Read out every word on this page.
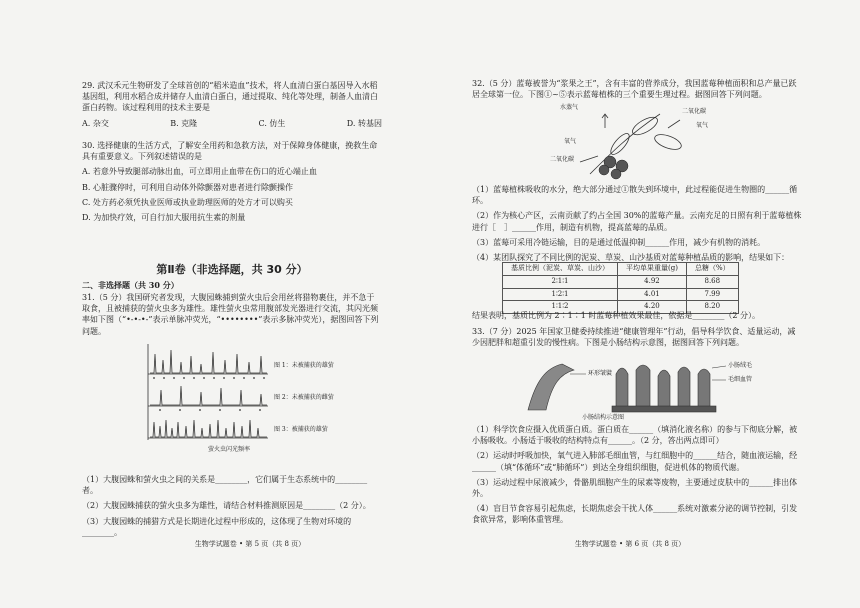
29. 武汉禾元生物研发了全球首创的“稻米造血”技术，将人血清白蛋白基因导入水稻基因组，利用水稻合成并储存人血清白蛋白，通过提取、纯化等处理，制备人血清白蛋白药物。该过程利用的技术主要是

A. 杂交	B. 克隆	C. 仿生	D. 转基因

30. 选择健康的生活方式，了解安全用药和急救方法，对于保障身体健康，挽救生命具有重要意义。下列叙述错误的是

A. 若意外导致腿部动脉出血，可立即用止血带在伤口的近心端止血

B. 心脏骤停时，可利用自动体外除颤器对患者进行除颤操作

C. 处方药必须凭执业医师或执业助理医师的处方才可以购买

D. 为加快疗效，可自行加大服用抗生素的剂量

第Ⅱ卷（非选择题，共 30 分）
二、非选择题（共 30 分）
31.（5 分）我国研究者发现，大腹园蛛捕到萤火虫后会用丝将猎物裹住，并不急于取食，且被捕获的萤火虫多为雄性。雄性萤火虫常用腹部发光器进行交流，其闪光频率如下图（“•-•-•-”表示单脉冲荧光，“••••••••”表示多脉冲荧光），据图回答下列问题。
图 1：未被捕获的雄萤
图 2：未被捕获的雌萤
图 3：被捕获的雄萤
萤火虫闪光频率

（1）大腹园蛛和萤火虫之间的关系是________，它们属于生态系统中的________者。

（2）大腹园蛛捕获的萤火虫多为雄性，请结合材料推测原因是________（2 分）。

（3）大腹园蛛的捕猎方式是长期进化过程中形成的，这体现了生物对环境的________。

生物学试题卷 • 第 5 页（共 8 页）
32.（5 分）蓝莓被誉为“浆果之王”，含有丰富的营养成分，我国蓝莓种植面积和总产量已跃居全球第一位。下图①~⑤表示蓝莓植株的三个重要生理过程。据图回答下列问题。
水蒸气
二氧化碳
氧气
氧气
二氧化碳

（1）蓝莓植株吸收的水分，绝大部分通过①散失到环境中，此过程能促进生物圈的______循环。

（2）作为核心产区，云南贡献了约占全国 30%的蓝莓产量。云南充足的日照有利于蓝莓植株进行［　］______作用，制造有机物，提高蓝莓的品质。

（3）蓝莓可采用冷链运输，目的是通过低温抑制______作用，减少有机物的消耗。

（4）某团队探究了不同比例的泥炭、草炭、山沙基质对蓝莓种植品质的影响，结果如下：

基质比例（泥炭、草炭、山沙）	平均单果重量(g)	总糖（%）
2∶1∶1	4.92	8.68
1∶2∶1	4.01	7.99
1∶1∶2	4.20	8.20
结果表明，基质比例为 2∶1∶1 时蓝莓种植效果最佳，依据是________（2 分）。
33.（7 分）2025 年国家卫健委持续推进“健康管理年”行动，倡导科学饮食、适量运动，减少因肥胖和超重引发的慢性病。下图是小肠结构示意图，据图回答下列问题。
环形皱襞
小肠绒毛
毛细血管
小肠结构示意图

（1）科学饮食应摄入优质蛋白质。蛋白质在______（填消化液名称）的参与下彻底分解，被小肠吸收。小肠适于吸收的结构特点有______。（2 分，答出两点即可）

（2）运动时呼吸加快，氧气进入肺部毛细血管，与红细胞中的______结合，随血液运输，经______（填“体循环”或“肺循环”）到达全身组织细胞，促进机体的物质代谢。

（3）运动过程中尿液减少，骨骼肌细胞产生的尿素等废物，主要通过皮肤中的______排出体外。

（4）盲目节食容易引起焦虑，长期焦虑会干扰人体______系统对激素分泌的调节控制，引发食欲异常，影响体重管理。

生物学试题卷 • 第 6 页（共 8 页）
